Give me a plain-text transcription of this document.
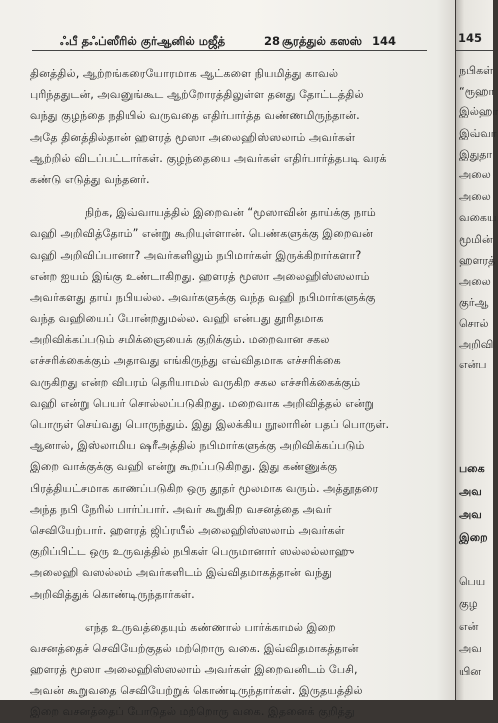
ஃபீ தஃப்ஸீரில் குர்ஆனில் மஜீத்	28 சூரத்துல் கஸஸ் 144
தினத்தில், ஆற்றங்கரையோரமாக ஆட்களை நியமித்து காவல்
புரிந்ததுடன், அவனுங்கூட ஆற்றோரத்திலுள்ள தனது தோட்டத்தில்
வந்து குழந்தை நதியில் வருவதை எதிர்பார்த்த வண்ணமிருந்தான்.
அதே தினத்தில்தான் ஹளரத் மூஸா அலைஹிஸ்ஸலாம் அவர்கள்
ஆற்றில் விடப்பட்டார்கள். குழந்தையை அவர்கள் எதிர்பார்த்தபடி வரக்
கண்டு எடுத்து வந்தனர்.
நிற்க, இவ்வாயத்தில் இறைவன் “மூஸாவின் தாய்க்கு நாம்
வஹி அறிவித்தோம்” என்று கூறியுள்ளான். பெண்களுக்கு இறைவன்
வஹி அறிவிப்பானா? அவர்களிலும் நபிமார்கள் இருக்கிறார்களா?
என்ற ஐயம் இங்கு உண்டாகிறது. ஹளரத் மூஸா அலைஹிஸ்ஸலாம்
அவர்களது தாய் நபியல்ல. அவர்களுக்கு வந்த வஹி நபிமார்களுக்கு
வந்த வஹியைப் போன்றதுமல்ல. வஹி என்பது தூரிதமாக
அறிவிக்கப்படும் சமிக்ஞையைக் குறிக்கும். மறைவான சகல
எச்சரிக்கைக்கும் அதாவது எங்கிருந்து எவ்விதமாக எச்சரிக்கை
வருகிறது என்ற விபரம் தெரியாமல் வருகிற சகல எச்சரிக்கைக்கும்
வஹி என்று பெயர் சொல்லப்படுகிறது. மறைவாக அறிவித்தல் என்று
பொருள் செய்வது பொருந்தும். இது இலக்கிய நூலாரின் பதப் பொருள்.
ஆனால், இஸ்லாமிய ஷரீஅத்தில் நபிமார்களுக்கு அறிவிக்கப்படும்
இறை வாக்குக்கு வஹி என்று கூறப்படுகிறது. இது கண்ணுக்கு
பிரத்தியட்சமாக காணப்படுகிற ஒரு தூதர் மூலமாக வரும். அத்தூதரை
அந்த நபி நேரில் பார்ப்பார். அவர் கூறுகிற வசனத்தை அவர்
செவியேற்பார். ஹளரத் ஜிப்ரயீல் அலைஹிஸ்ஸலாம் அவர்கள்
குறிப்பிட்ட ஒரு உருவத்தில் நபிகள் பெருமானார் ஸல்லல்லாஹு
அலைஹி வஸல்லம் அவர்களிடம் இவ்விதமாகத்தான் வந்து
அறிவித்துக் கொண்டிருந்தார்கள்.
எந்த உருவத்தையும் கண்ணால் பார்க்காமல் இறை
வசனத்தைச் செவியேற்குதல் மற்றொரு வகை. இவ்விதமாகத்தான்
ஹளரத் மூஸா அலைஹிஸ்ஸலாம் அவர்கள் இறைவனிடம் பேசி,
அவன் கூறுவதை செவியேற்றுக் கொண்டிருந்தார்கள். இருதயத்தில்
இறை வசனத்தைப் போடுதல் மற்றொரு வகை. இதனைக் குறித்து
145
நபிகள்
“ரூஹா
இல்ஹா
இவ்வா
இதுதா
அலை
அலை
வகைய
மூமின்
ஹளரத்
அலை
குர்ஆ
சொல்
அறிவி
என்ப
பகை
அவ
அவ
இறை
பெய
குழ
என்
அவ
யின
